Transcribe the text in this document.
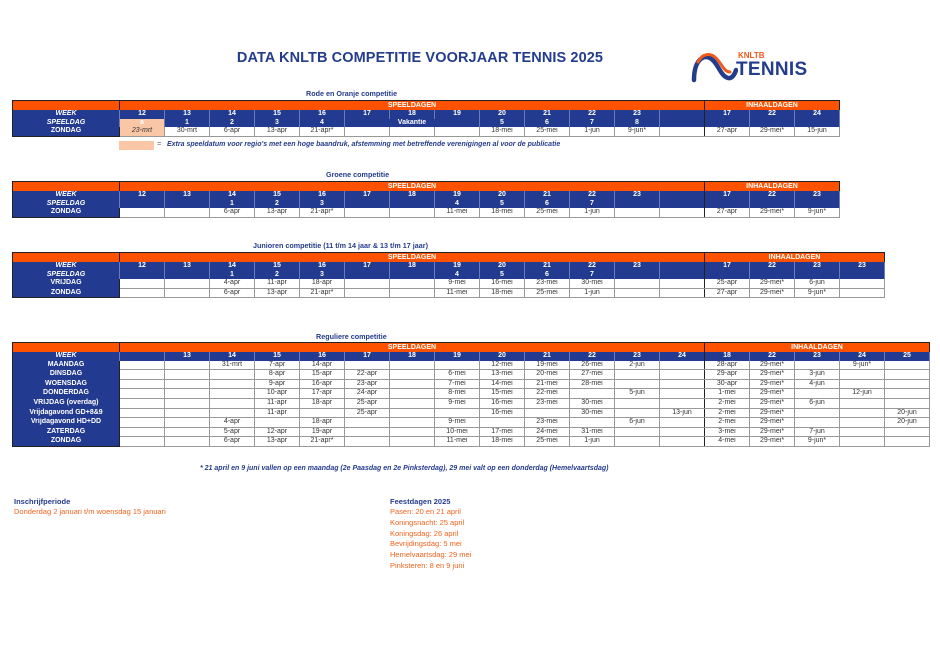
DATA KNLTB COMPETITIE VOORJAAR TENNIS 2025	KNLTB
TENNIS
Rode en Oranje competitie
Groene competitie
Junioren competitie (11 t/m 14 jaar & 13 t/m 17 jaar)
Reguliere competitie
	SPEELDAGEN													INHAALDAGEN		
WEEK	12	13	14	15	16	17	18	19	20	21	22	23		17	22	24
SPEELDAG	a	1	2	3	4	Vakantie			5	6	7	8				
ZONDAG	23-mrt	30-mrt	6-apr	13-apr	21-apr*				18-mei	25-mei	1-jun	9-jun*		27-apr	29-mei*	15-jun
= Extra speeldatum voor regio's met een hoge baandruk, afstemming met betreffende verenigingen al voor de publicatie
	SPEELDAGEN													INHAALDAGEN		
WEEK	12	13	14	15	16	17	18	19	20	21	22	23		17	22	23
SPEELDAG			1	2	3			4	5	6	7					
ZONDAG			6-apr	13-apr	21-apr*			11-mei	18-mei	25-mei	1-jun			27-apr	29-mei*	9-jun*
	SPEELDAGEN													INHAALDAGEN			
WEEK	12	13	14	15	16	17	18	19	20	21	22	23		17	22	23	23
SPEELDAG			1	2	3			4	5	6	7						
VRIJDAG			4-apr	11-apr	18-apr			9-mei	16-mei	23-mei	30-mei			25-apr	29-mei*	6-jun	
ZONDAG			6-apr	13-apr	21-apr*			11-mei	18-mei	25-mei	1-jun			27-apr	29-mei*	9-jun*	
	SPEELDAGEN													INHAALDAGEN				
WEEK		13	14	15	16	17	18	19	20	21	22	23	24	18	22	23	24	25
MAANDAG			31-mrt	7-apr	14-apr				12-mei	19-mei	26-mei	2-jun		28-apr	29-mei*		9-jun*	
DINSDAG				8-apr	15-apr	22-apr		6-mei	13-mei	20-mei	27-mei			29-apr	29-mei*	3-jun		
WOENSDAG				9-apr	16-apr	23-apr		7-mei	14-mei	21-mei	28-mei			30-apr	29-mei*	4-jun		
DONDERDAG				10-apr	17-apr	24-apr		8-mei	15-mei	22-mei		5-jun		1-mei	29-mei*		12-jun	
VRIJDAG (overdag)				11-apr	18-apr	25-apr		9-mei	16-mei	23-mei	30-mei			2-mei	29-mei*	6-jun		
Vrijdagavond GD+8&9				11-apr		25-apr			16-mei		30-mei		13-jun	2-mei	29-mei*			20-jun
Vrijdagavond HD+DD			4-apr		18-apr			9-mei		23-mei		6-jun		2-mei	29-mei*			20-jun
ZATERDAG			5-apr	12-apr	19-apr			10-mei	17-mei	24-mei	31-mei			3-mei	29-mei*	7-jun		
ZONDAG			6-apr	13-apr	21-apr*			11-mei	18-mei	25-mei	1-jun			4-mei	29-mei*	9-jun*		
* 21 april en 9 juni vallen op een maandag (2e Paasdag en 2e Pinksterdag), 29 mei valt op een donderdag (Hemelvaartsdag)
Inschrijfperiode
Donderdag 2 januari t/m woensdag 15 januari
Feestdagen 2025
Pasen: 20 en 21 april
Koningsnacht: 25 april
Koningsdag: 26 april
Bevrijdingsdag: 5 mei
Hemelvaartsdag: 29 mei
Pinksteren: 8 en 9 juni
